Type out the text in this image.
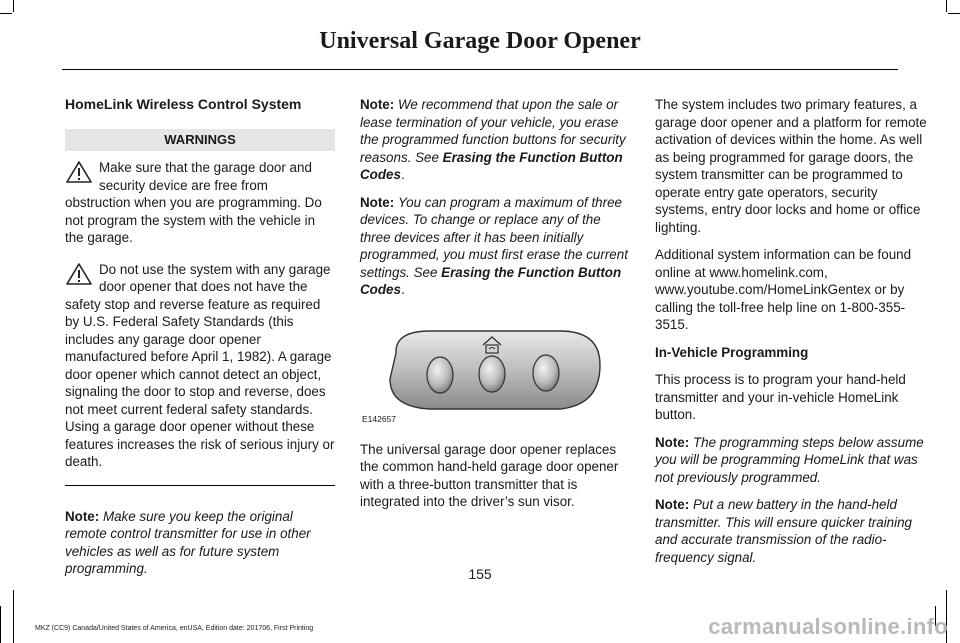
Universal Garage Door Opener

HomeLink Wireless Control System

WARNINGS

Make sure that the garage door and security device are free from obstruction when you are programming. Do not program the system with the vehicle in the garage.

Do not use the system with any garage door opener that does not have the safety stop and reverse feature as required by U.S. Federal Safety Standards (this includes any garage door opener manufactured before April 1, 1982). A garage door opener which cannot detect an object, signaling the door to stop and reverse, does not meet current federal safety standards. Using a garage door opener without these features increases the risk of serious injury or death.

Note: Make sure you keep the original remote control transmitter for use in other vehicles as well as for future system programming.

Note: We recommend that upon the sale or lease termination of your vehicle, you erase the programmed function buttons for security reasons. See Erasing the Function Button Codes.

Note: You can program a maximum of three devices. To change or replace any of the three devices after it has been initially programmed, you must first erase the current settings. See Erasing the Function Button Codes.

E142657

The universal garage door opener replaces the common hand-held garage door opener with a three-button transmitter that is integrated into the driver’s sun visor.

The system includes two primary features, a garage door opener and a platform for remote activation of devices within the home. As well as being programmed for garage doors, the system transmitter can be programmed to operate entry gate operators, security systems, entry door locks and home or office lighting.

Additional system information can be found online at www.homelink.com, www.youtube.com/HomeLinkGentex or by calling the toll-free help line on 1-800-355-3515.

In-Vehicle Programming

This process is to program your hand-held transmitter and your in-vehicle HomeLink button.

Note: The programming steps below assume you will be programming HomeLink that was not previously programmed.

Note: Put a new battery in the hand-held transmitter. This will ensure quicker training and accurate transmission of the radio-frequency signal.

155
MKZ (CC9) Canada/United States of America, enUSA, Edition date: 201706, First Printing	carmanualsonline.info
